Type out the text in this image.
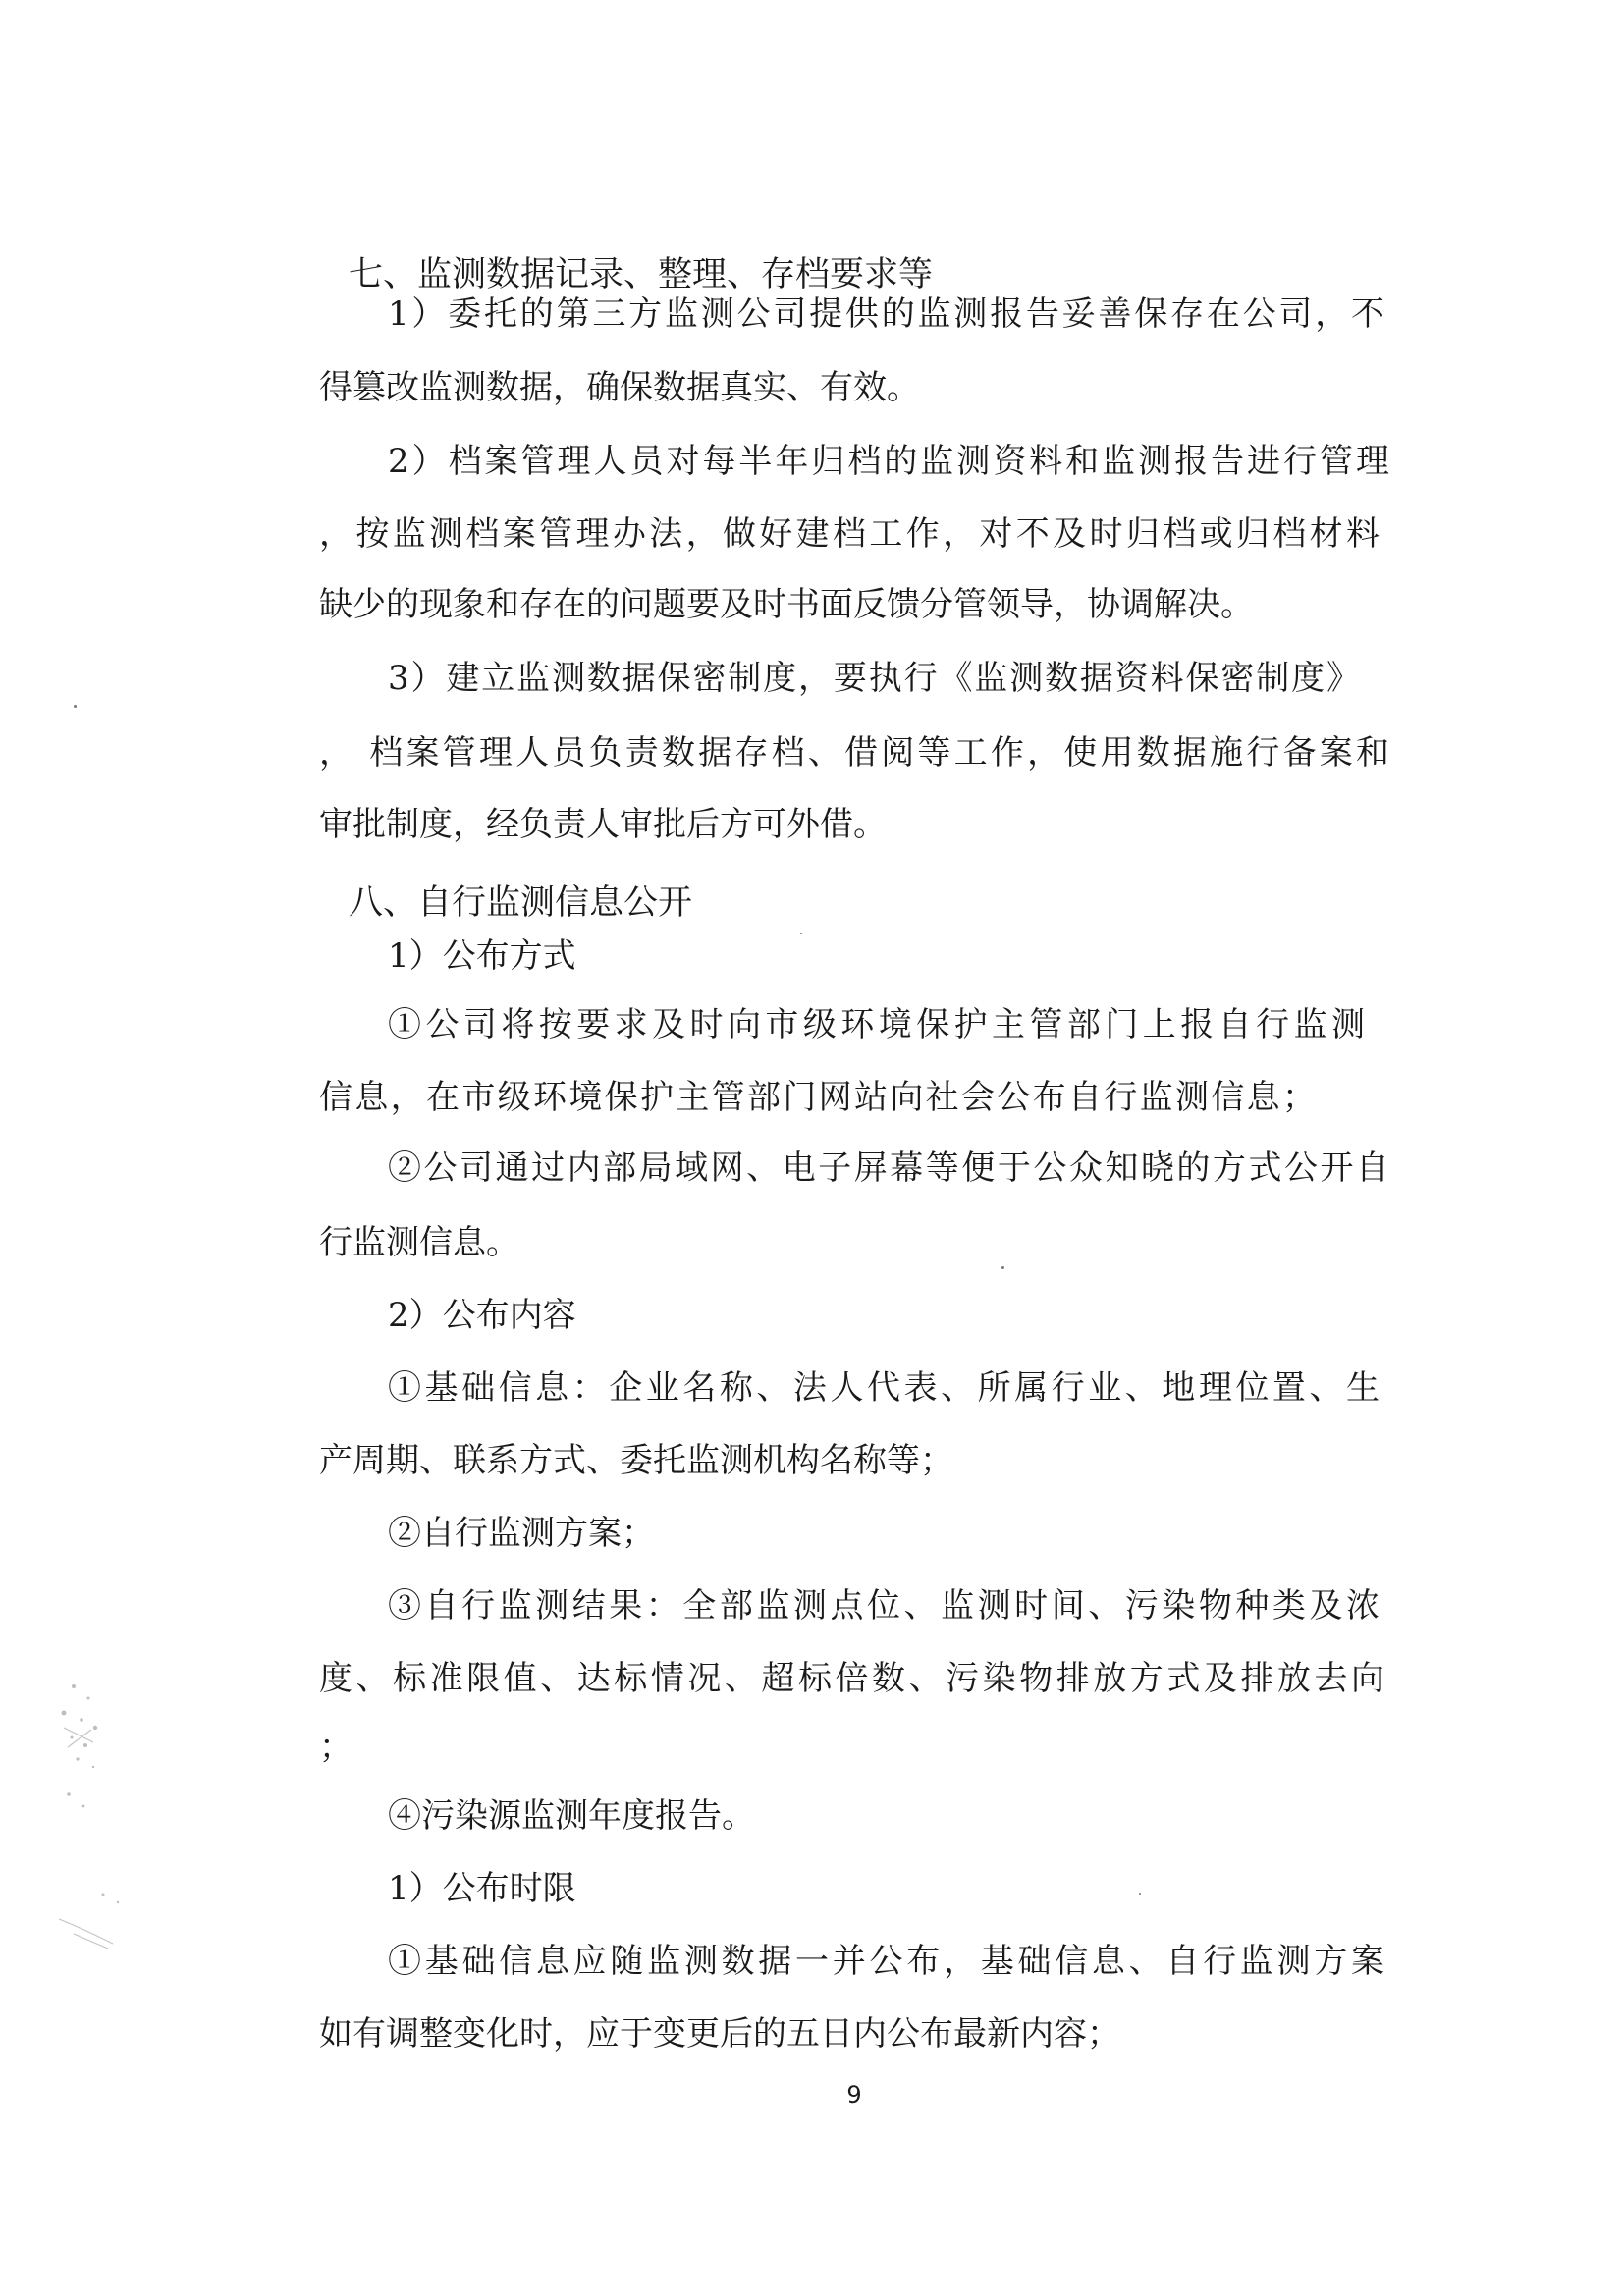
七、监测数据记录、整理、存档要求等
1）委托的第三方监测公司提供的监测报告妥善保存在公司，不
得篡改监测数据，确保数据真实、有效。
2）档案管理人员对每半年归档的监测资料和监测报告进行管理
，按监测档案管理办法，做好建档工作，对不及时归档或归档材料
缺少的现象和存在的问题要及时书面反馈分管领导，协调解决。
3）建立监测数据保密制度，要执行《监测数据资料保密制度》
， 档案管理人员负责数据存档、借阅等工作，使用数据施行备案和
审批制度，经负责人审批后方可外借。
八、自行监测信息公开
1）公布方式
①公司将按要求及时向市级环境保护主管部门上报自行监测
信息，在市级环境保护主管部门网站向社会公布自行监测信息；
②公司通过内部局域网、电子屏幕等便于公众知晓的方式公开自
行监测信息。
2）公布内容
①基础信息：企业名称、法人代表、所属行业、地理位置、生
产周期、联系方式、委托监测机构名称等；
②自行监测方案；
③自行监测结果：全部监测点位、监测时间、污染物种类及浓
度、标准限值、达标情况、超标倍数、污染物排放方式及排放去向
；
④污染源监测年度报告。
1）公布时限
①基础信息应随监测数据一并公布，基础信息、自行监测方案
如有调整变化时，应于变更后的五日内公布最新内容；
9
